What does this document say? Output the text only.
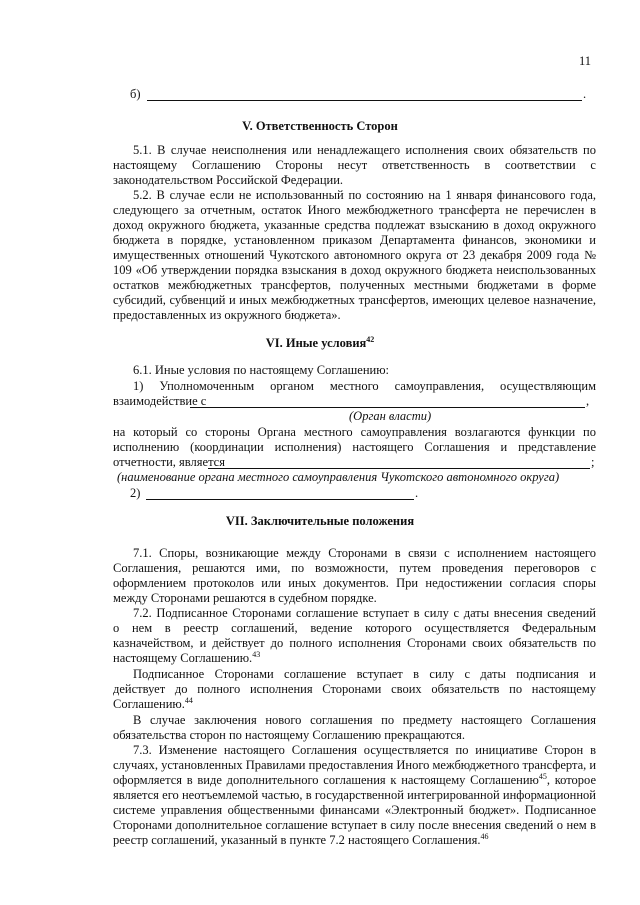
11
б)	.
V. Ответственность Сторон
5.1. В случае неисполнения или ненадлежащего исполнения своих обязательств по
настоящему Соглашению Стороны несут ответственность в соответствии с
законодательством Российской Федерации.
5.2. В случае если не использованный по состоянию на 1 января финансового года,
следующего за отчетным, остаток Иного межбюджетного трансферта не перечислен в
доход окружного бюджета, указанные средства подлежат взысканию в доход окружного
бюджета в порядке, установленном приказом Департамента финансов, экономики и
имущественных отношений Чукотского автономного округа от 23 декабря 2009 года №
109 «Об утверждении порядка взыскания в доход окружного бюджета неиспользованных
остатков межбюджетных трансфертов, полученных местными бюджетами в форме
субсидий, субвенций и иных межбюджетных трансфертов, имеющих целевое назначение,
предоставленных из окружного бюджета».
VI. Иные условия$^{42}$
6.1. Иные условия по настоящему Соглашению:
1) Уполномоченным органом местного самоуправления, осуществляющим
взаимодействие с	,
(Орган власти)
на который со стороны Органа местного самоуправления возлагаются функции по
исполнению (координации исполнения) настоящего Соглашения и представление
отчетности, является	;
(наименование органа местного самоуправления Чукотского автономного округа)
2)	.
VII. Заключительные положения
7.1. Споры, возникающие между Сторонами в связи с исполнением настоящего
Соглашения, решаются ими, по возможности, путем проведения переговоров с
оформлением протоколов или иных документов. При недостижении согласия споры
между Сторонами решаются в судебном порядке.
7.2. Подписанное Сторонами соглашение вступает в силу с даты внесения сведений
о нем в реестр соглашений, ведение которого осуществляется Федеральным
казначейством, и действует до полного исполнения Сторонами своих обязательств по
настоящему Соглашению.$^{43}$
Подписанное Сторонами соглашение вступает в силу с даты подписания и
действует до полного исполнения Сторонами своих обязательств по настоящему
Соглашению.$^{44}$
В случае заключения нового соглашения по предмету настоящего Соглашения
обязательства сторон по настоящему Соглашению прекращаются.
7.3. Изменение настоящего Соглашения осуществляется по инициативе Сторон в
случаях, установленных Правилами предоставления Иного межбюджетного трансферта, и
оформляется в виде дополнительного соглашения к настоящему Соглашению$^{45}$, которое
является его неотъемлемой частью, в государственной интегрированной информационной
системе управления общественными финансами «Электронный бюджет». Подписанное
Сторонами дополнительное соглашение вступает в силу после внесения сведений о нем в
реестр соглашений, указанный в пункте 7.2 настоящего Соглашения.$^{46}$
